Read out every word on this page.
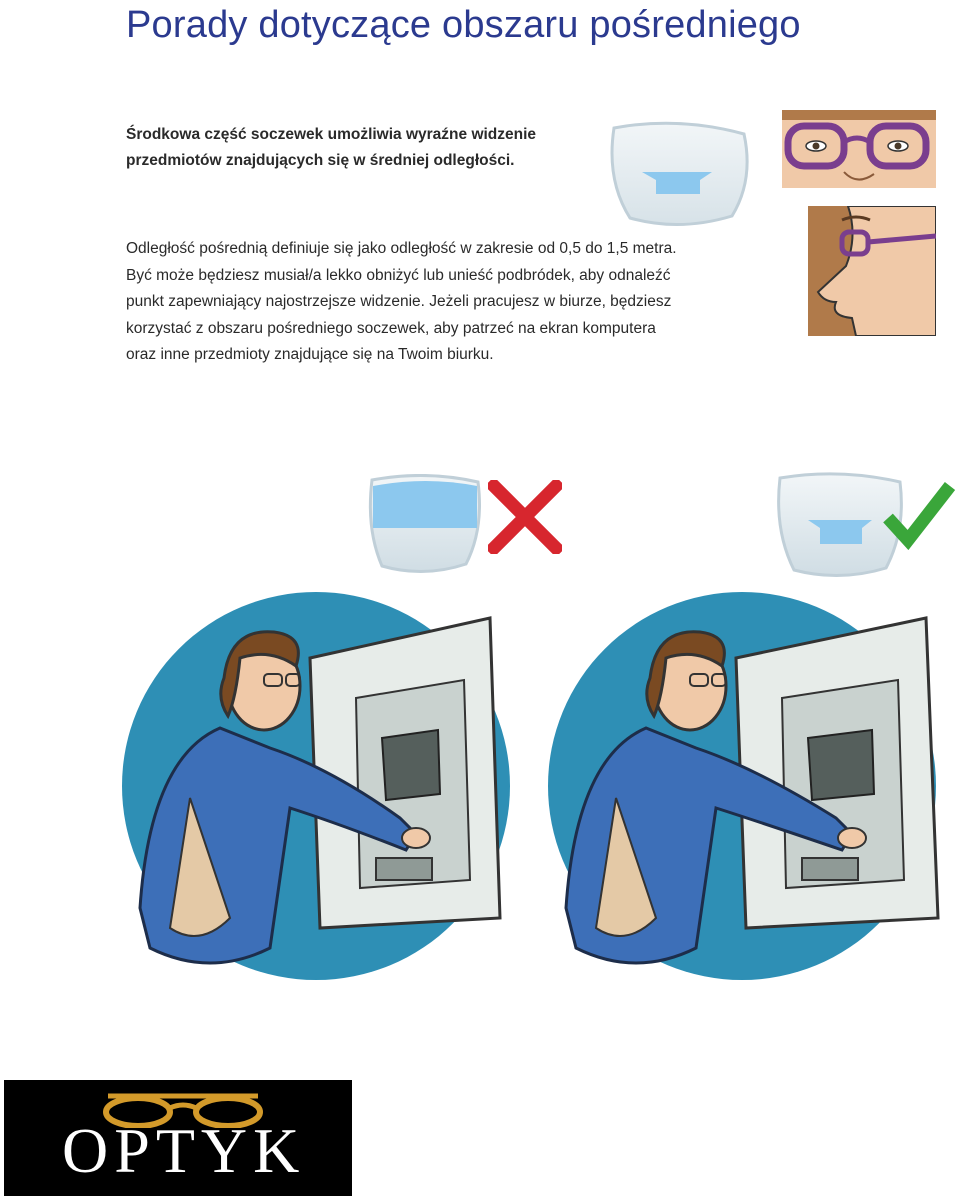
Porady dotyczące obszaru pośredniego
Środkowa część soczewek umożliwia wyraźne widzenie przedmiotów znajdujących się w średniej odległości.
Odległość pośrednią definiuje się jako odległość w zakresie od 0,5 do 1,5 metra. Być może będziesz musiał/a lekko obniżyć lub unieść podbródek, aby odnaleźć punkt zapewniający najostrzejsze widzenie. Jeżeli pracujesz w biurze, będziesz korzystać z obszaru pośredniego soczewek, aby patrzeć na ekran komputera oraz inne przedmioty znajdujące się na Twoim biurku.
OPTYK
